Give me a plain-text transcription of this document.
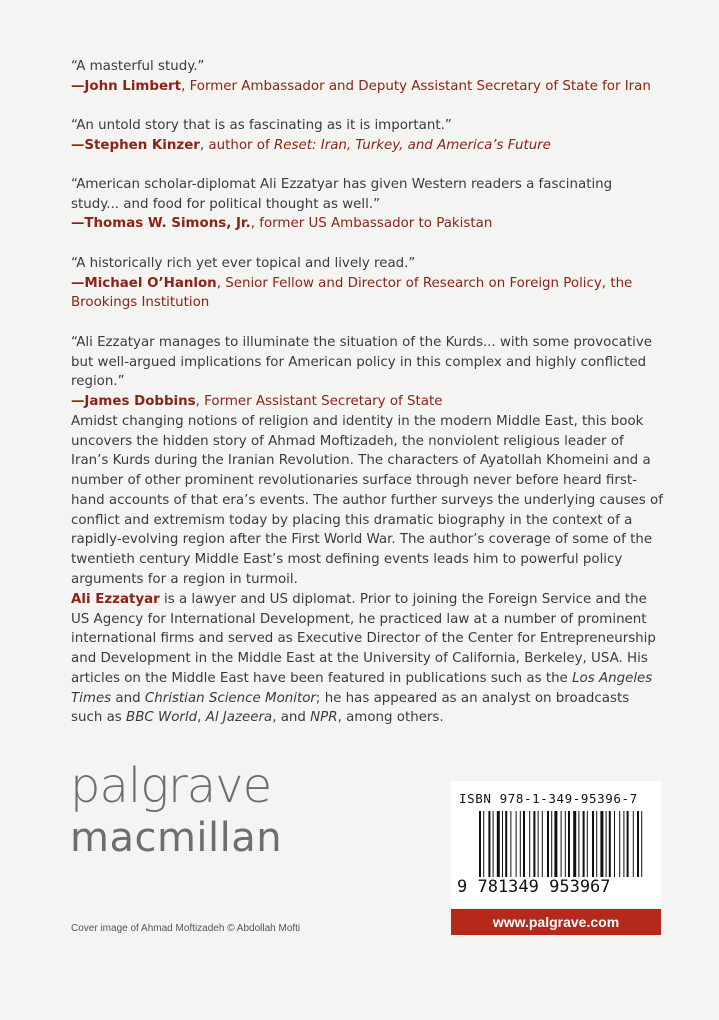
“A masterful study.”
—John Limbert, Former Ambassador and Deputy Assistant Secretary of State for Iran
“An untold story that is as fascinating as it is important.”
—Stephen Kinzer, author of Reset: Iran, Turkey, and America’s Future
“American scholar-diplomat Ali Ezzatyar has given Western readers a fascinating study... and food for political thought as well.”
—Thomas W. Simons, Jr., former US Ambassador to Pakistan
“A historically rich yet ever topical and lively read.”
—Michael O’Hanlon, Senior Fellow and Director of Research on Foreign Policy, the Brookings Institution
“Ali Ezzatyar manages to illuminate the situation of the Kurds... with some provocative but well-argued implications for American policy in this complex and highly conflicted region.”
—James Dobbins, Former Assistant Secretary of State
Amidst changing notions of religion and identity in the modern Middle East, this book uncovers the hidden story of Ahmad Moftizadeh, the nonviolent religious leader of Iran’s Kurds during the Iranian Revolution. The characters of Ayatollah Khomeini and a number of other prominent revolutionaries surface through never before heard first-hand accounts of that era’s events. The author further surveys the underlying causes of conflict and extremism today by placing this dramatic biography in the context of a rapidly-evolving region after the First World War. The author’s coverage of some of the twentieth century Middle East’s most defining events leads him to powerful policy arguments for a region in turmoil.
Ali Ezzatyar is a lawyer and US diplomat. Prior to joining the Foreign Service and the US Agency for International Development, he practiced law at a number of prominent international firms and served as Executive Director of the Center for Entrepreneurship and Development in the Middle East at the University of California, Berkeley, USA. His articles on the Middle East have been featured in publications such as the Los Angeles Times and Christian Science Monitor; he has appeared as an analyst on broadcasts such as BBC World, Al Jazeera, and NPR, among others.
palgrave
macmillan
Cover image of Ahmad Moftizadeh © Abdollah Mofti
ISBN 978-1-349-95396-7
9 781349 953967
www.palgrave.com
